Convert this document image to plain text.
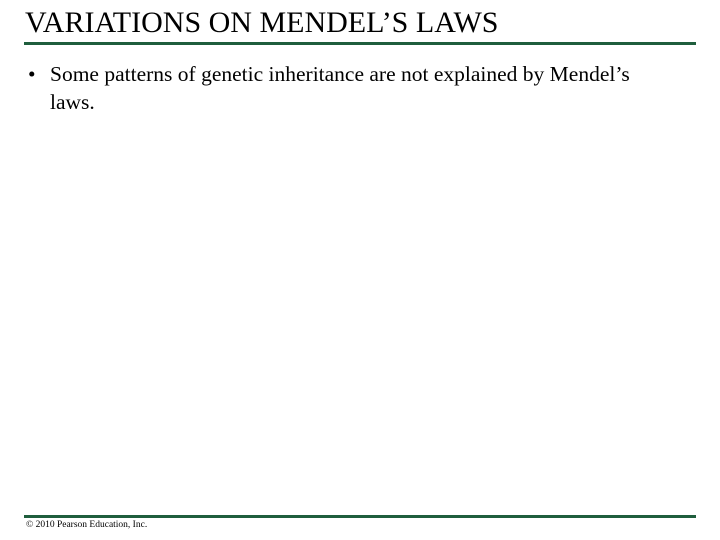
VARIATIONS ON MENDEL’S LAWS
• Some patterns of genetic inheritance are not explained by Mendel’s laws.
© 2010 Pearson Education, Inc.
